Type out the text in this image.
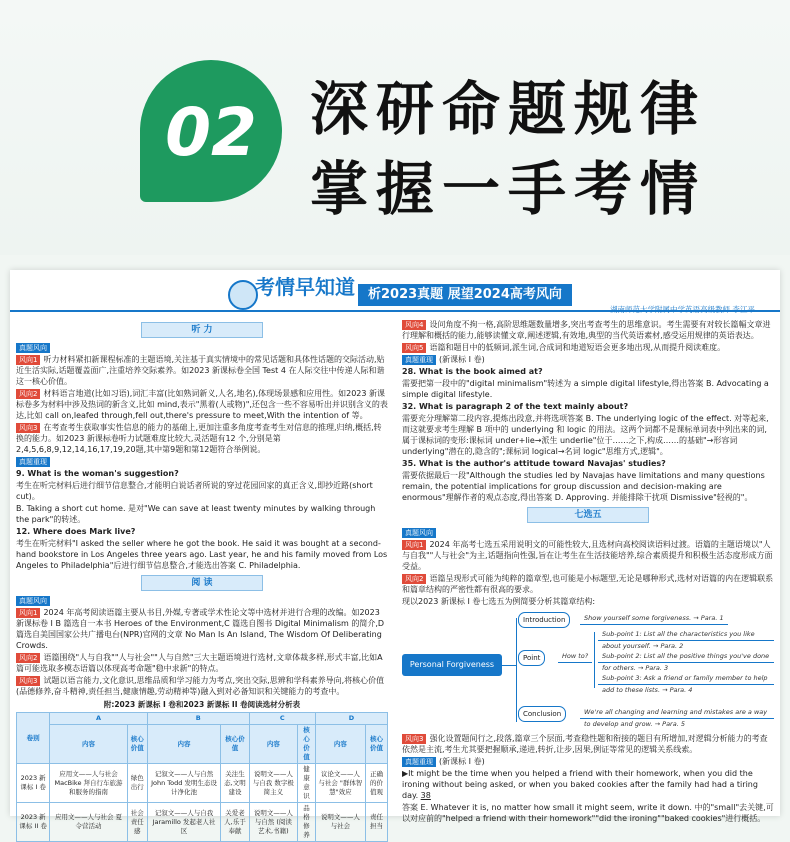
02 深研命题规律
掌握一手考情
考情早知道	析2023真题 展望2024高考风向
听 力
真题风向

风向1 听力材料紧扣新课程标准的主题语境,关注基于真实情境中的常见话题和具体性话题的交际活动,贴近生活实际,话题覆盖面广,注重培养交际素养。如2023 新课标卷全国 Test 4 在人际交往中传递人际和谐这一核心价值。

风向2 材料语言地道(比如习语),词汇丰富(比如熟词新义,人名,地名),体现场景感和应用性。如2023 新课标卷多为材料中涉及热词的新含义,比如 mind,表示"黑着(人或物)",还包含一些不容易听出并识别含义的表达,比如 call on,leafed through,fell out,there's pressure to meet,With the intention of 等。

风向3 在考查考生获取事实性信息的能力的基础上,更加注重多角度考查考生对信息的推理,归纳,概括,转换的能力。如2023 新课标卷听力试题难度比较大,灵活题有12 个,分别是第2,4,5,6,8,9,12,14,16,17,19,20题,其中第9题和第12题符合举例说。

真题重现

9. What is the woman's suggestion?

考生在听完材料后进行细节信息整合,才能明白说话者所说的穿过花园回家的真正含义,即抄近路(short cut)。

B. Taking a short cut home. 是对"We can save at least twenty minutes by walking through the park"的转述。

12. Where does Mark live?

考生在听完材料"I asked the seller where he got the book. He said it was bought at a second-hand bookstore in Los Angeles three years ago. Last year, he and his family moved from Los Angeles to Philadelphia"后进行细节信息整合,才能选出答案 C. Philadelphia.

阅 读
真题风向

风向1 2024 年高考阅读语篇主要从书目,外媒,专著或学术性论文等中选材并进行合理的改编。如2023 新课标卷 I B 篇选自一本书 Heroes of the Environment,C 篇选自图书 Digital Minimalism 的简介,D 篇选自美国国家公共广播电台(NPR)官网的文章 No Man Is An Island, The Wisdom Of Deliberating Crowds.

风向2 语篇围绕"人与自我""人与社会""人与自然"三大主题语境进行选材,文章体裁多样,形式丰富,比如A篇可能选取多模态语篇以体现高考命题"稳中求新"的特点。

风向3 试题以语言能力,文化意识,思维品质和学习能力为考点,突出交际,思辨和学科素养导向,将核心价值(品德修养,奋斗精神,责任担当,健康情趣,劳动精神等)融入到对必备知识和关键能力的考查中。

附:2023 新课标 I 卷和2023 新课标 II 卷阅读选材分析表
卷别	A		B		C		D	
	内容	核心价值	内容	核心价值	内容	核心价值	内容	核心价值
2023 新课标 I 卷	应用文——人与社会 MacBike 拜自行车旅游和服务的指南	绿色出行	记叙文——人与自然 John Todd 发明生态设计净化池	关注生态,文明建设	说明文——人与自我 数字极简主义	健康意识	议论文——人与社会 "群体智慧"效应	正确的价值观
2023 新课标 II 卷	应用文——人与社会 夏令营活动	社会责任感	记叙文——人与自我 Jaramillo 发起老人社区	关爱老人,乐于奉献	说明文——人与自然 (阅读艺术,书籍)	品格修养	说明文——人与社会	责任担当

风向4 设问角度不拘一格,高阶思维题数量增多,突出考查考生的思维意识。考生需要有对较长篇幅文章进行理解和概括的能力,能够读懂文章,阐述逻辑,有效地,典型的当代英语素材,感受运用规律的英语表达。

风向5 语篇和题目中的低频词,派生词,合成词和地道短语会更多地出现,从而提升阅读难度。

真题重现 (新课标 I 卷)

28. What is the book aimed at?

需要把第一段中的"digital minimalism"转述为 a simple digital lifestyle,得出答案 B. Advocating a simple digital lifestyle.

32. What is paragraph 2 of the text mainly about?

需要充分理解第二段内容,提炼出段意,并将选项答案 B. The underlying logic of the effect. 对等起来,而这就要求考生理解 B 项中的 underlying 和 logic 的用法。这两个词都不是课标单词表中列出来的词,属于课标词的变形:课标词 under+lie→派生 underlie"位于……之下,构成……的基础"→形容词 underlying"潜在的,隐含的";课标词 logical→名词 logic"思维方式,逻辑"。

35. What is the author's attitude toward Navajas' studies?

需要依据最后一段"Although the studies led by Navajas have limitations and many questions remain, the potential implications for group discussion and decision-making are enormous"理解作者的观点态度,得出答案 D. Approving. 并能排除干扰项 Dismissive"轻视的"。

七选五
真题风向

风向1 2024 年高考七选五采用说明文的可能性较大,且选材向高校阅读语料过渡。语篇的主题语境以"人与自我""人与社会"为主,话题指向性强,旨在让考生在生活技能培养,综合素质提升和积极生活态度形成方面受益。

风向2 语篇呈现形式可能为纯粹的篇章型,也可能是小标题型,无论是哪种形式,选材对语篇的内在逻辑联系和篇章结构的严密性都有很高的要求。

现以2023 新课标 I 卷七选五为例简要分析其篇章结构:

Personal Forgiveness
Introduction	Show yourself some forgiveness. → Para. 1
Point	How to?
Sub-point 1: List all the characteristics you like about yourself. → Para. 2
Sub-point 2: List all the positive things you've done for others. → Para. 3
Sub-point 3: Ask a friend or family member to help add to these lists. → Para. 4
Conclusion	We're all changing and learning and mistakes are a way to develop and grow. → Para. 5

风向3 强化设置题间行之,段落,篇章三个层面,考查稳性题和衔接的题目有所增加,对逻辑分析能力的考查依然是主流,考生尤其要把握顺承,递进,转折,让步,因果,例证等常见的逻辑关系线索。

真题重现 (新课标 I 卷)

▶It might be the time when you helped a friend with their homework, when you did the ironing without being asked, or when you baked cookies after the family had had a tiring day. 38

答案 E. Whatever it is, no matter how small it might seem, write it down. 中的"small"去关键,可以对应前的"helped a friend with their homework""did the ironing""baked cookies"进行概括。
